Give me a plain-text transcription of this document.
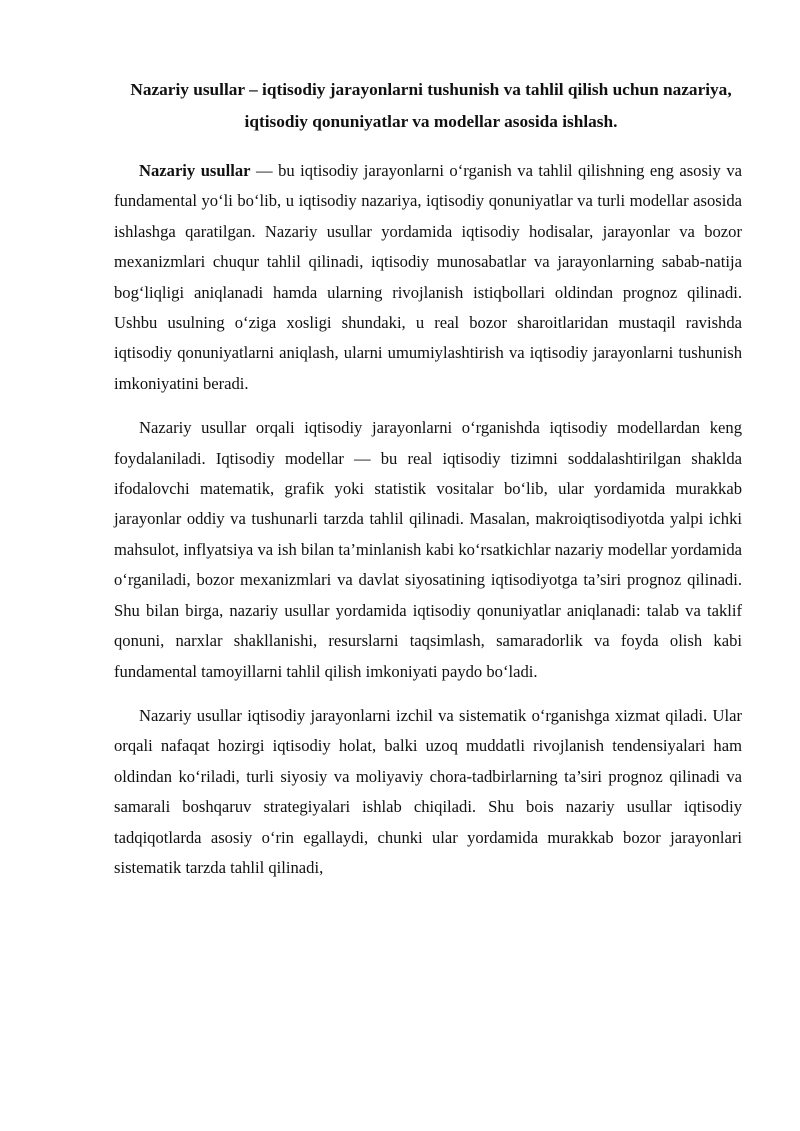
Nazariy usullar – iqtisodiy jarayonlarni tushunish va tahlil qilish uchun nazariya, iqtisodiy qonuniyatlar va modellar asosida ishlash.

Nazariy usullar — bu iqtisodiy jarayonlarni o‘rganish va tahlil qilishning eng asosiy va fundamental yo‘li bo‘lib, u iqtisodiy nazariya, iqtisodiy qonuniyatlar va turli modellar asosida ishlashga qaratilgan. Nazariy usullar yordamida iqtisodiy hodisalar, jarayonlar va bozor mexanizmlari chuqur tahlil qilinadi, iqtisodiy munosabatlar va jarayonlarning sabab-natija bog‘liqligi aniqlanadi hamda ularning rivojlanish istiqbollari oldindan prognoz qilinadi. Ushbu usulning o‘ziga xosligi shundaki, u real bozor sharoitlaridan mustaqil ravishda iqtisodiy qonuniyatlarni aniqlash, ularni umumiylashtirish va iqtisodiy jarayonlarni tushunish imkoniyatini beradi.

Nazariy usullar orqali iqtisodiy jarayonlarni o‘rganishda iqtisodiy modellardan keng foydalaniladi. Iqtisodiy modellar — bu real iqtisodiy tizimni soddalashtirilgan shaklda ifodalovchi matematik, grafik yoki statistik vositalar bo‘lib, ular yordamida murakkab jarayonlar oddiy va tushunarli tarzda tahlil qilinadi. Masalan, makroiqtisodiyotda yalpi ichki mahsulot, inflyatsiya va ish bilan ta’minlanish kabi ko‘rsatkichlar nazariy modellar yordamida o‘rganiladi, bozor mexanizmlari va davlat siyosatining iqtisodiyotga ta’siri prognoz qilinadi. Shu bilan birga, nazariy usullar yordamida iqtisodiy qonuniyatlar aniqlanadi: talab va taklif qonuni, narxlar shakllanishi, resurslarni taqsimlash, samaradorlik va foyda olish kabi fundamental tamoyillarni tahlil qilish imkoniyati paydo bo‘ladi.

Nazariy usullar iqtisodiy jarayonlarni izchil va sistematik o‘rganishga xizmat qiladi. Ular orqali nafaqat hozirgi iqtisodiy holat, balki uzoq muddatli rivojlanish tendensiyalari ham oldindan ko‘riladi, turli siyosiy va moliyaviy chora-tadbirlarning ta’siri prognoz qilinadi va samarali boshqaruv strategiyalari ishlab chiqiladi. Shu bois nazariy usullar iqtisodiy tadqiqotlarda asosiy o‘rin egallaydi, chunki ular yordamida murakkab bozor jarayonlari sistematik tarzda tahlil qilinadi,
